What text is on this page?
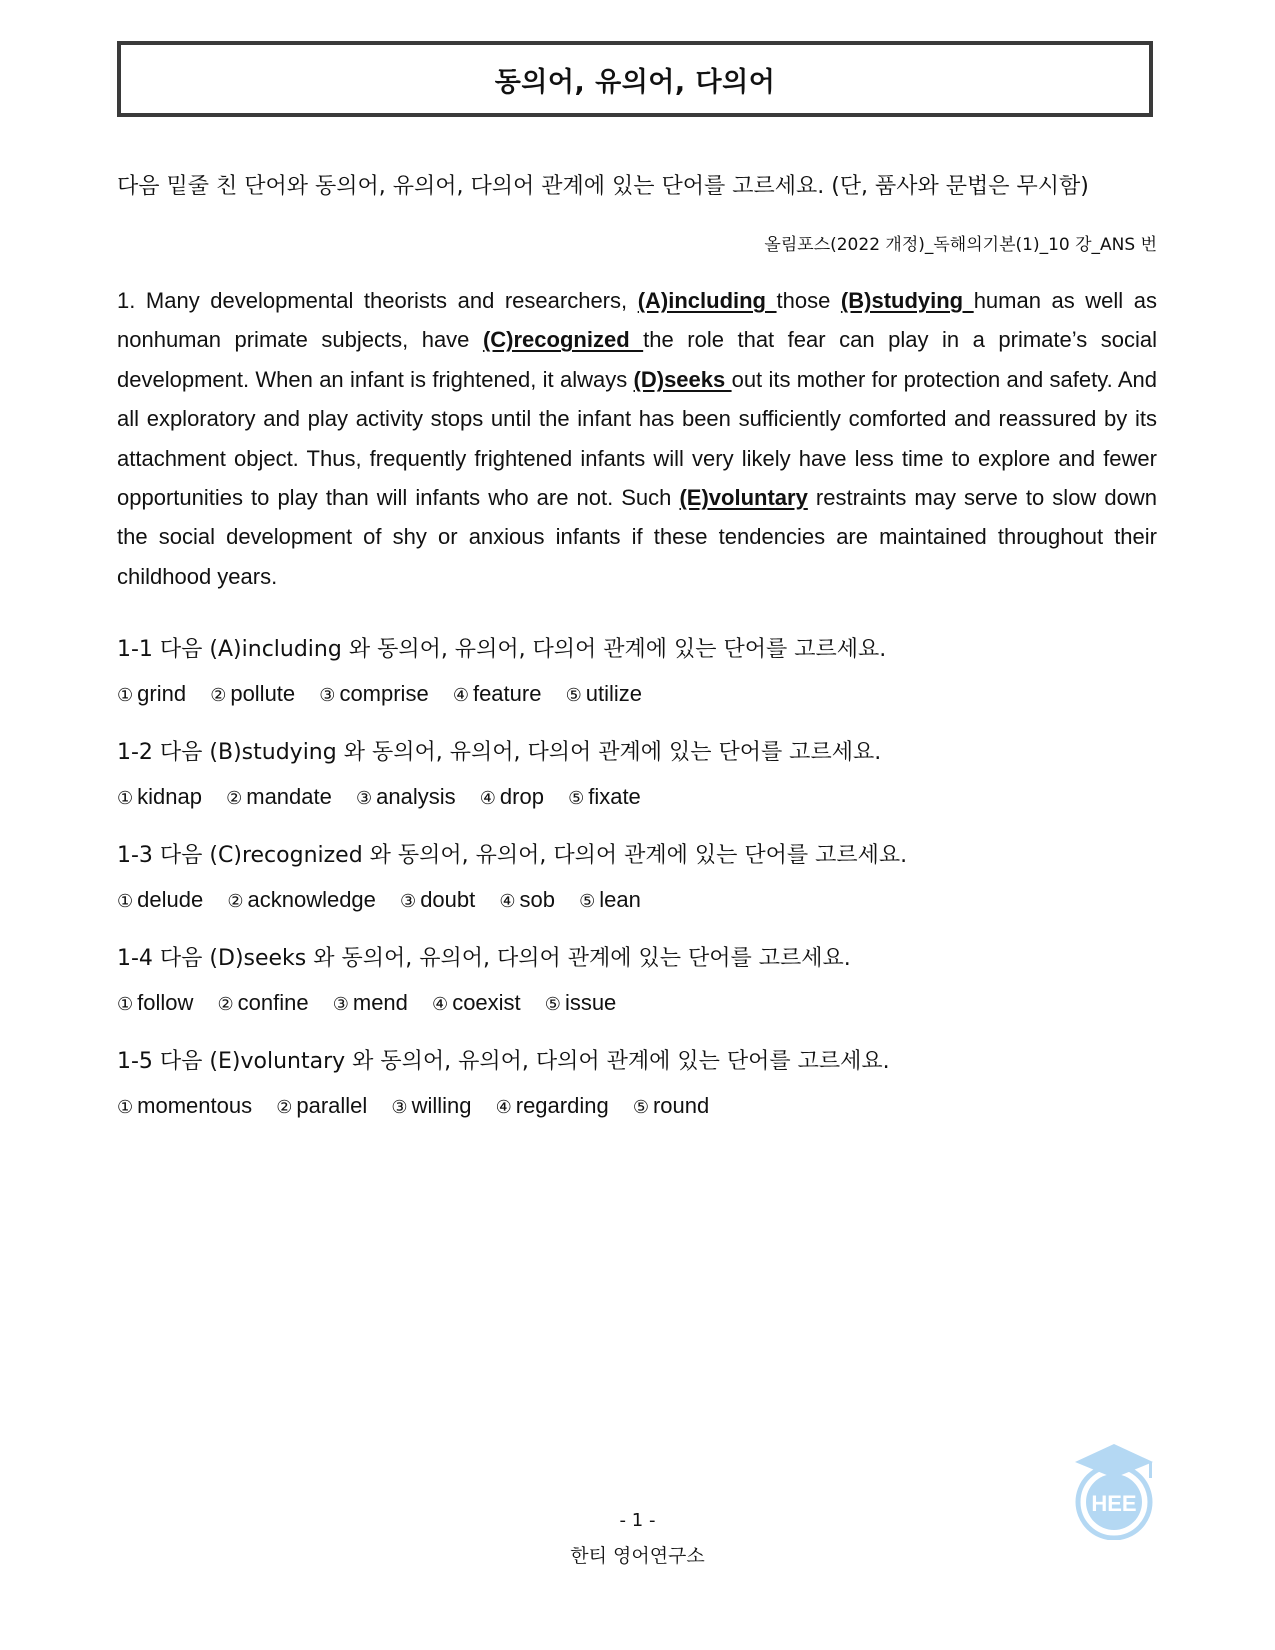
동의어, 유의어, 다의어
다음 밑줄 친 단어와 동의어, 유의어, 다의어 관계에 있는 단어를 고르세요. (단, 품사와 문법은 무시함)
올림포스(2022 개정)_독해의기본(1)_10 강_ANS 번

1. Many developmental theorists and researchers, (A)including those (B)studying human as well as nonhuman primate subjects, have (C)recognized the role that fear can play in a primate’s social development. When an infant is frightened, it always (D)seeks out its mother for protection and safety. And all exploratory and play activity stops until the infant has been sufficiently comforted and reassured by its attachment object. Thus, frequently frightened infants will very likely have less time to explore and fewer opportunities to play than will infants who are not. Such (E)voluntary restraints may serve to slow down the social development of shy or anxious infants if these tendencies are maintained throughout their childhood years.

1-1 다음 (A)including 와 동의어, 유의어, 다의어 관계에 있는 단어를 고르세요.
① grind ② pollute ③ comprise ④ feature ⑤ utilize
1-2 다음 (B)studying 와 동의어, 유의어, 다의어 관계에 있는 단어를 고르세요.
① kidnap ② mandate ③ analysis ④ drop ⑤ fixate
1-3 다음 (C)recognized 와 동의어, 유의어, 다의어 관계에 있는 단어를 고르세요.
① delude ② acknowledge ③ doubt ④ sob ⑤ lean
1-4 다음 (D)seeks 와 동의어, 유의어, 다의어 관계에 있는 단어를 고르세요.
① follow ② confine ③ mend ④ coexist ⑤ issue
1-5 다음 (E)voluntary 와 동의어, 유의어, 다의어 관계에 있는 단어를 고르세요.
① momentous ② parallel ③ willing ④ regarding ⑤ round
HEE
- 1 -
한티 영어연구소
